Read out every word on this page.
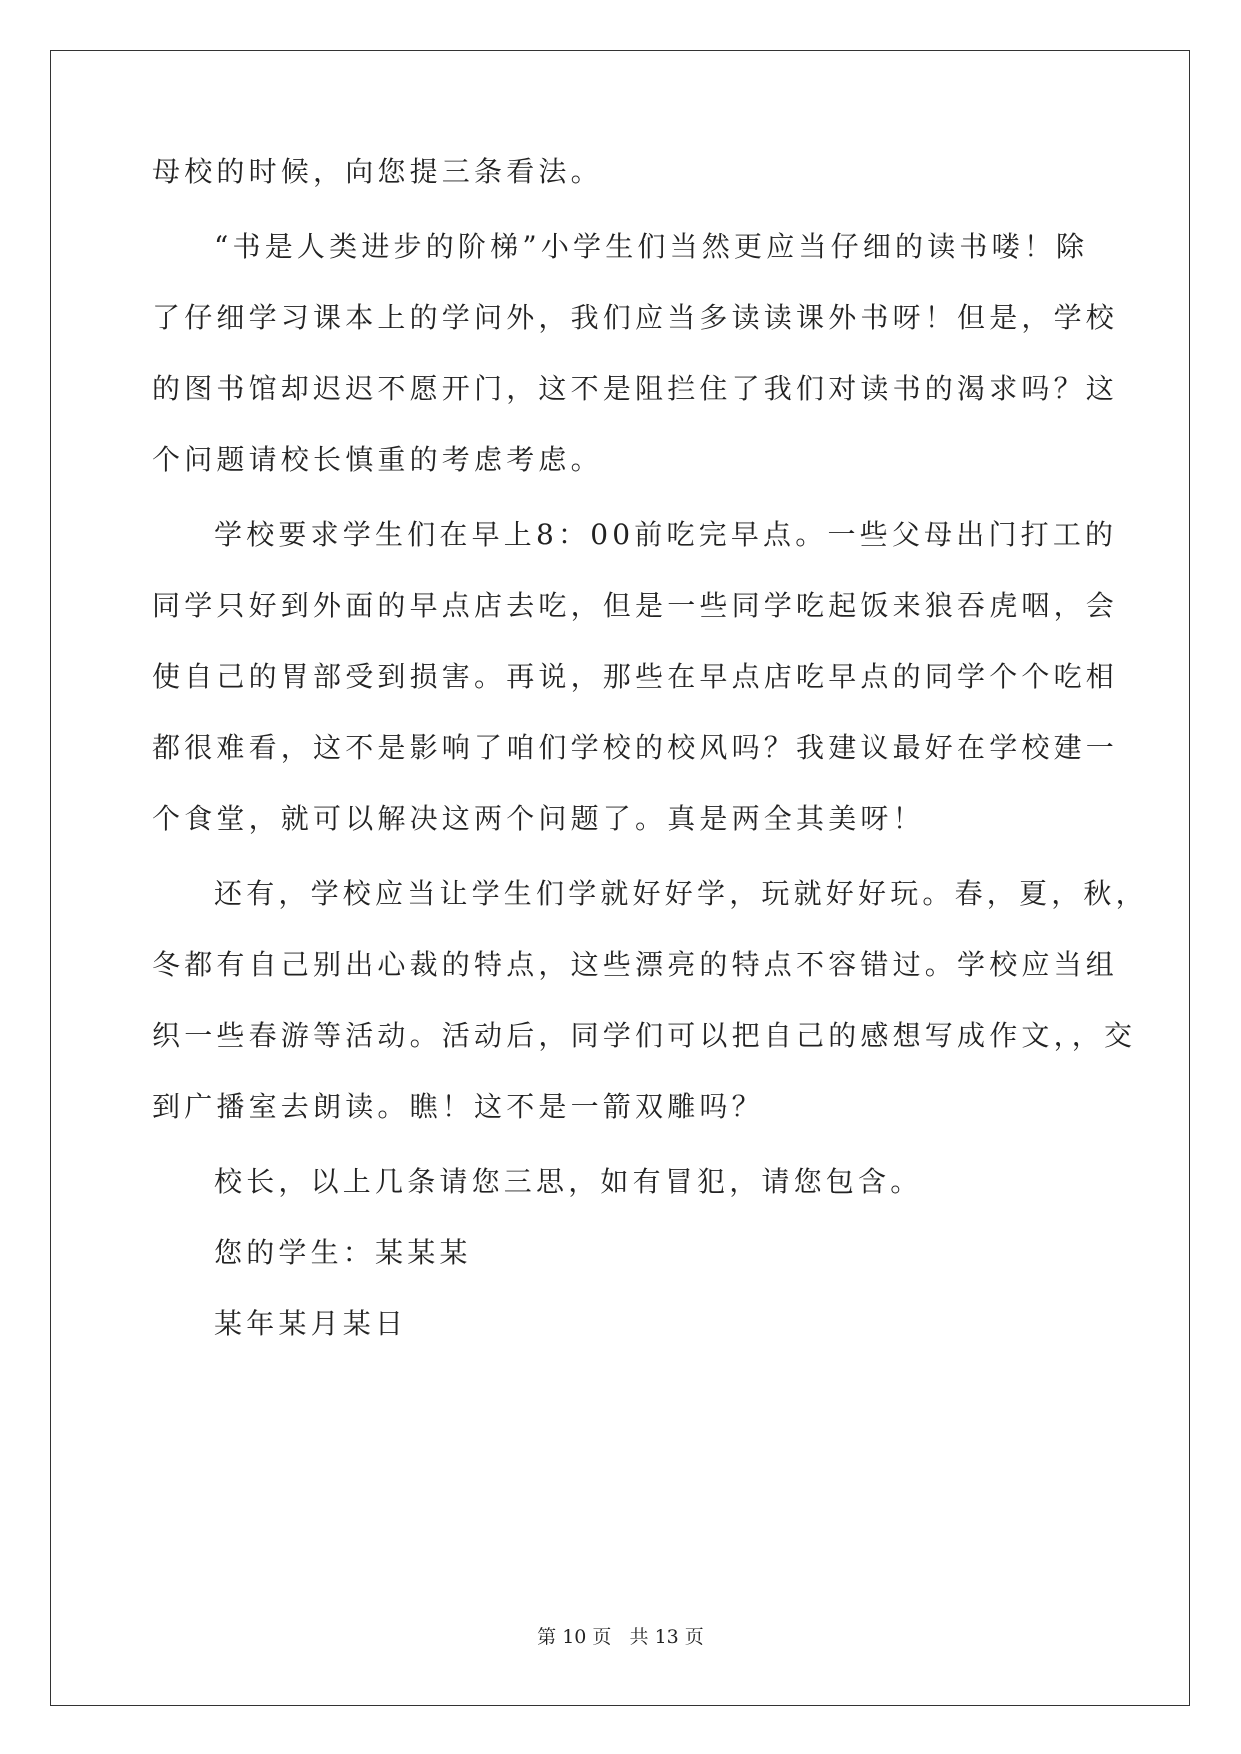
母校的时候，向您提三条看法。
“书是人类进步的阶梯”小学生们当然更应当仔细的读书喽！除
了仔细学习课本上的学问外，我们应当多读读课外书呀！但是，学校
的图书馆却迟迟不愿开门，这不是阻拦住了我们对读书的渴求吗？这
个问题请校长慎重的考虑考虑。
学校要求学生们在早上8：00前吃完早点。一些父母出门打工的
同学只好到外面的早点店去吃，但是一些同学吃起饭来狼吞虎咽，会
使自己的胃部受到损害。再说，那些在早点店吃早点的同学个个吃相
都很难看，这不是影响了咱们学校的校风吗？我建议最好在学校建一
个食堂，就可以解决这两个问题了。真是两全其美呀！
还有，学校应当让学生们学就好好学，玩就好好玩。春，夏，秋，
冬都有自己别出心裁的特点，这些漂亮的特点不容错过。学校应当组
织一些春游等活动。活动后，同学们可以把自己的感想写成作文，，交
到广播室去朗读。瞧！这不是一箭双雕吗？
校长，以上几条请您三思，如有冒犯，请您包含。
您的学生：某某某
某年某月某日
第 10 页   共 13 页
